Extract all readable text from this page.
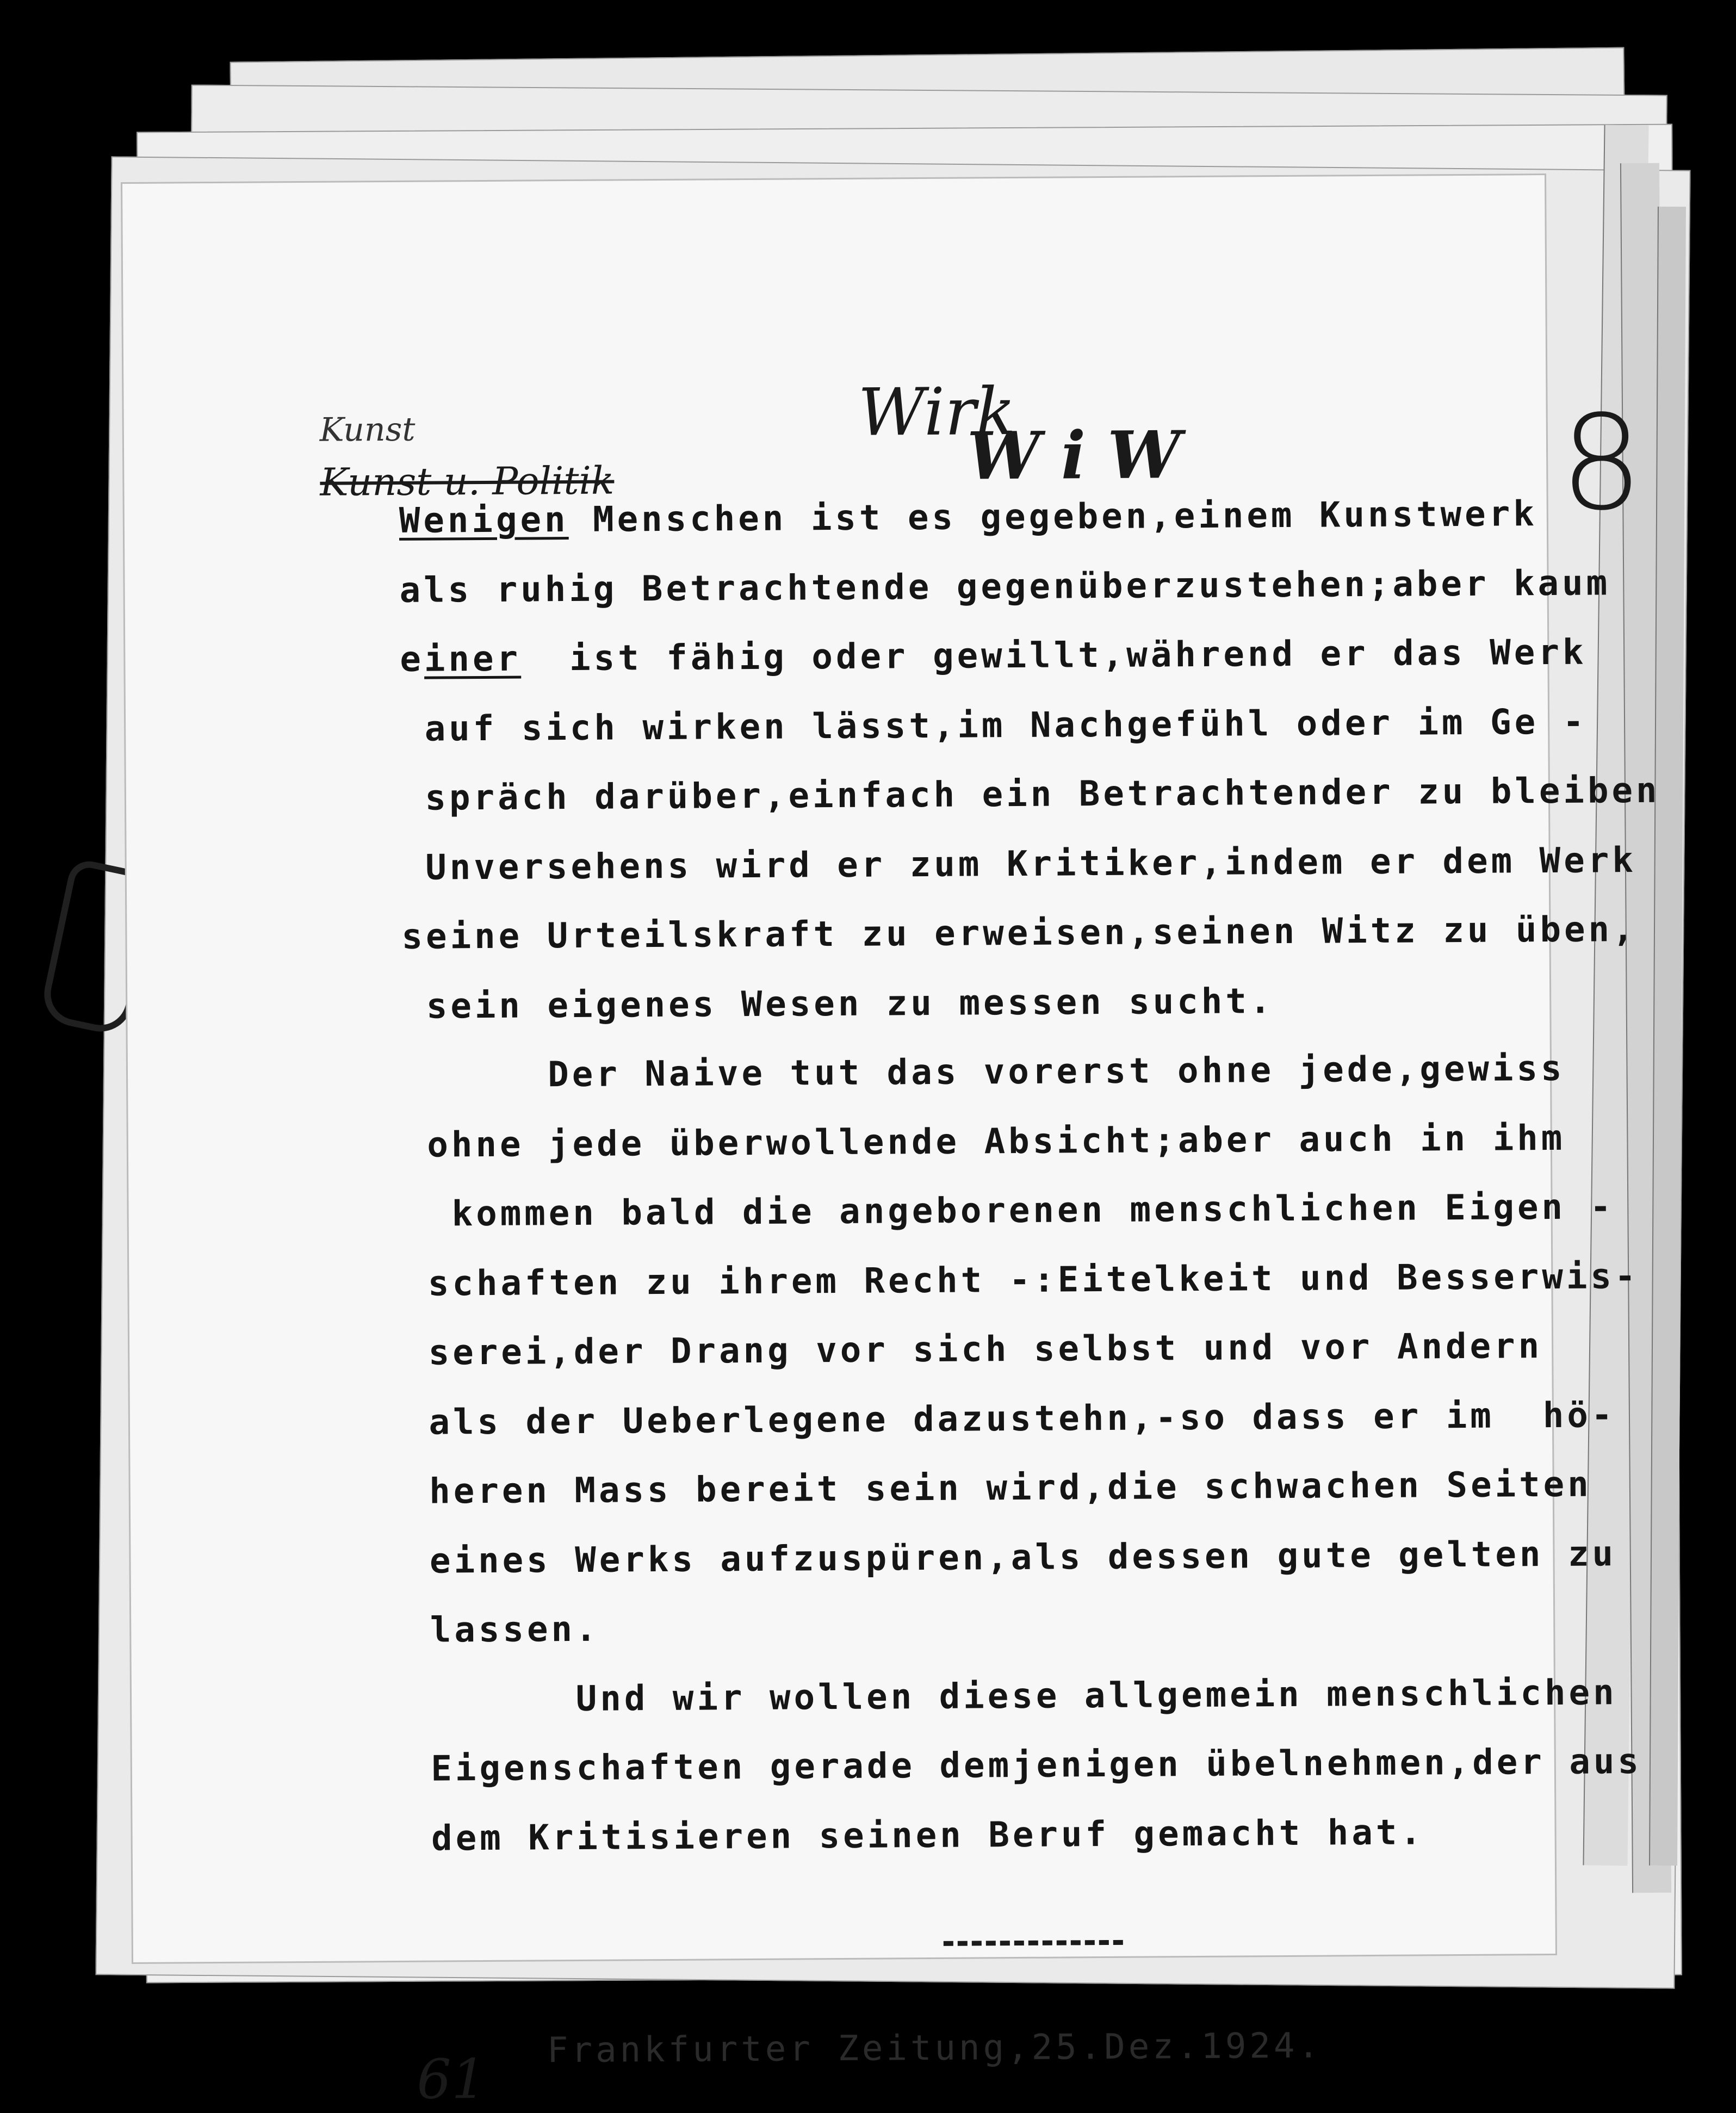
Kunst
Kunst u. Politik
Wirk
WiW	8
Wenigen Menschen ist es gegeben,einem Kunstwerk
als ruhig Betrachtende gegenüberzustehen;aber kaum
einer  ist fähig oder gewillt,während er das Werk
auf sich wirken lässt,im Nachgefühl oder im Ge -
spräch darüber,einfach ein Betrachtender zu bleiben
Unversehens wird er zum Kritiker,indem er dem Werk
seine Urteilskraft zu erweisen,seinen Witz zu üben,
sein eigenes Wesen zu messen sucht.
Der Naive tut das vorerst ohne jede,gewiss
ohne jede überwollende Absicht;aber auch in ihm
kommen bald die angeborenen menschlichen Eigen -
schaften zu ihrem Recht -:Eitelkeit und Besserwis-
serei,der Drang vor sich selbst und vor Andern
als der Ueberlegene dazustehn,-so dass er im  hö-
heren Mass bereit sein wird,die schwachen Seiten
eines Werks aufzuspüren,als dessen gute gelten zu
lassen.
Und wir wollen diese allgemein menschlichen
Eigenschaften gerade demjenigen übelnehmen,der aus
dem Kritisieren seinen Beruf gemacht hat.
Frankfurter Zeitung,25.Dez.1924.
61
